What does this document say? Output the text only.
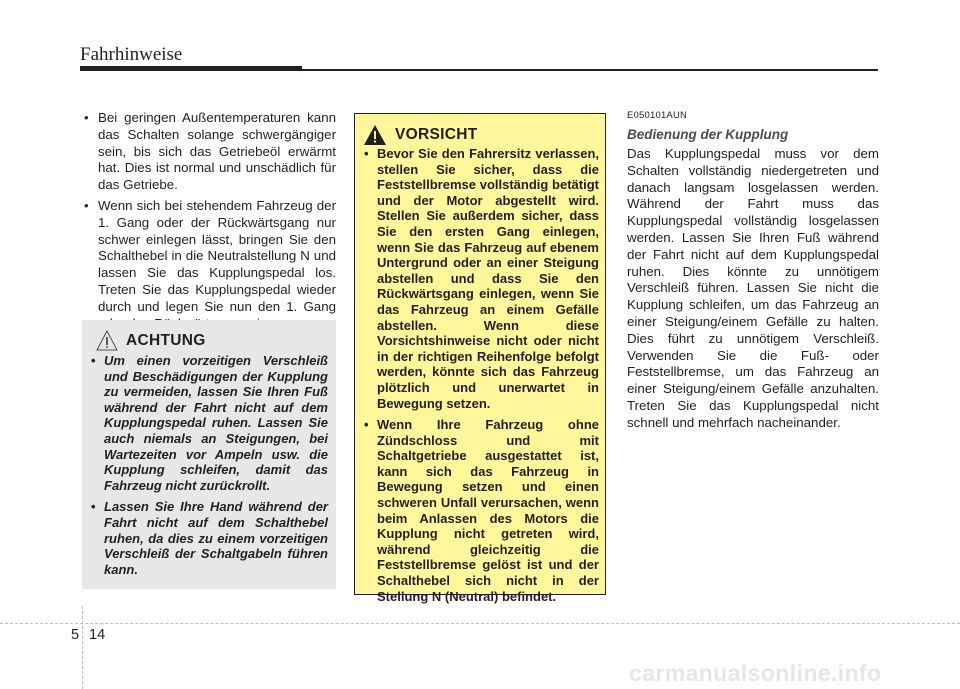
Fahrhinweise
• Bei geringen Außentemperaturen kann das Schalten solange schwergängiger sein, bis sich das Getriebeöl erwärmt hat. Dies ist normal und unschädlich für das Getriebe.
• Wenn sich bei stehendem Fahrzeug der 1. Gang oder der Rückwärtsgang nur schwer einlegen lässt, bringen Sie den Schalthebel in die Neutralstellung N und lassen Sie das Kupplungspedal los. Treten Sie das Kupplungspedal wieder durch und legen Sie nun den 1. Gang
ACHTUNG
• Um einen vorzeitigen Verschleiß und Beschädigungen der Kupplung zu vermeiden, lassen Sie Ihren Fuß während der Fahrt nicht auf dem Kupplungspedal ruhen. Lassen Sie auch niemals an Steigungen, bei Wartezeiten vor Ampeln usw. die Kupplung schleifen, damit das Fahrzeug nicht zurückrollt.
• Lassen Sie Ihre Hand während der Fahrt nicht auf dem Schalthebel ruhen, da dies zu einem vorzeitigen Verschleiß der Schaltgabeln führen kann.
VORSICHT
• Bevor Sie den Fahrersitz verlassen, stellen Sie sicher, dass die Feststellbremse vollständig betätigt und der Motor abgestellt wird. Stellen Sie außerdem sicher, dass Sie den ersten Gang einlegen, wenn Sie das Fahrzeug auf ebenem Untergrund oder an einer Steigung abstellen und dass Sie den Rückwärtsgang einlegen, wenn Sie das Fahrzeug an einem Gefälle abstellen. Wenn diese Vorsichtshinweise nicht oder nicht in der richtigen Reihenfolge befolgt werden, könnte sich das Fahrzeug plötzlich und unerwartet in Bewegung setzen.
• Wenn Ihre Fahrzeug ohne Zündschloss und mit Schaltgetriebe ausgestattet ist, kann sich das Fahrzeug in Bewegung setzen und einen schweren Unfall verursachen, wenn beim Anlassen des Motors die Kupplung nicht getreten wird, während gleichzeitig die Feststellbremse gelöst ist und der Schalthebel sich nicht in der Stellung N (Neutral) befindet.
E050101AUN
Bedienung der Kupplung
Das Kupplungspedal muss vor dem Schalten vollständig niedergetreten und danach langsam losgelassen werden. Während der Fahrt muss das Kupplungspedal vollständig losgelassen werden. Lassen Sie Ihren Fuß während der Fahrt nicht auf dem Kupplungspedal ruhen. Dies könnte zu unnötigem Verschleiß führen. Lassen Sie nicht die Kupplung schleifen, um das Fahrzeug an einer Steigung/einem Gefälle zu halten. Dies führt zu unnötigem Verschleiß. Verwenden Sie die Fuß- oder Feststellbremse, um das Fahrzeug an einer Steigung/einem Gefälle anzuhalten. Treten Sie das Kupplungspedal nicht schnell und mehrfach nacheinander.
5 14
carmanualsonline.info
